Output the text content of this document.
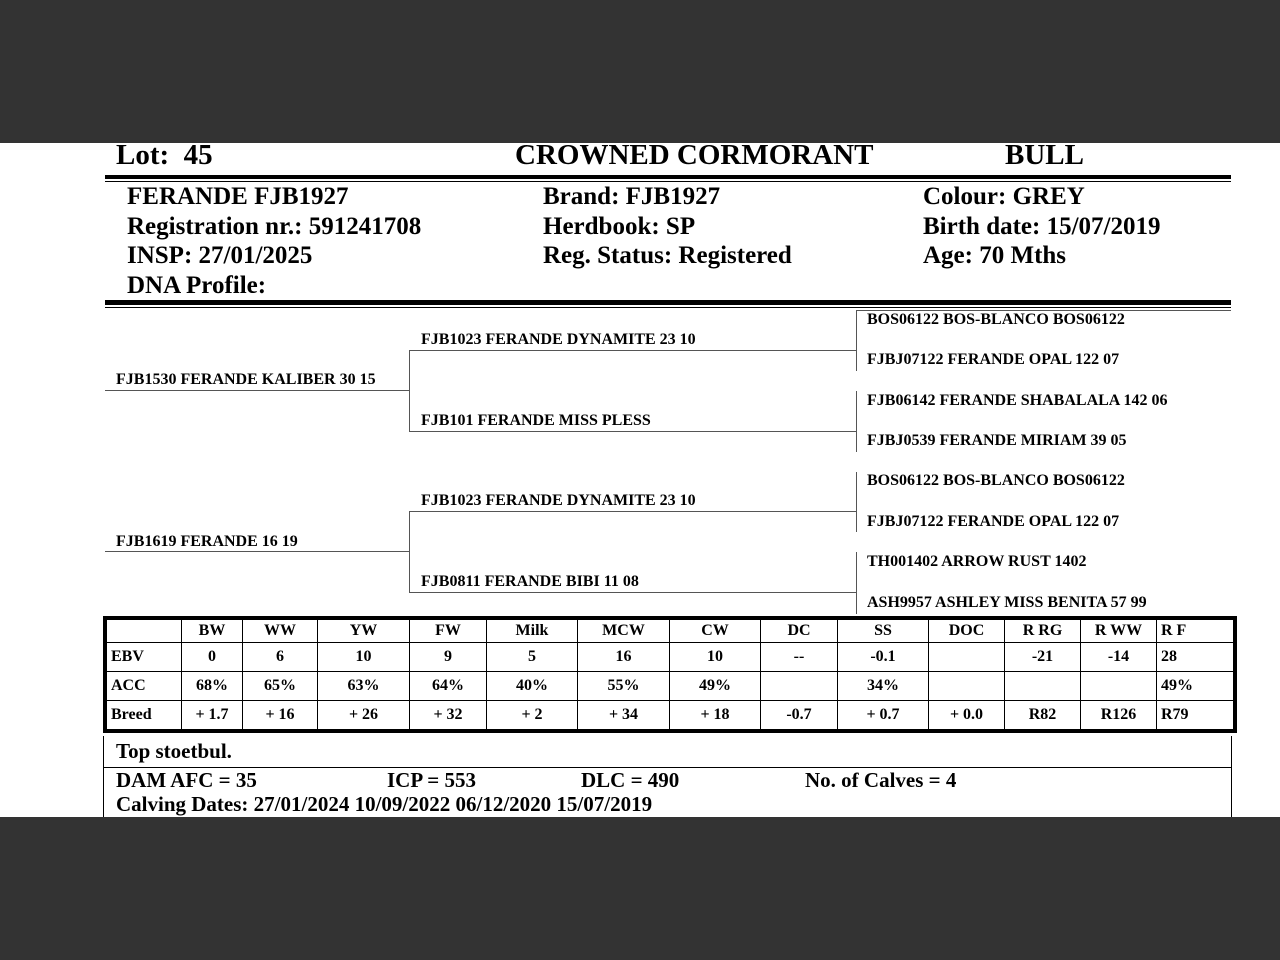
Lot: 45	CROWNED CORMORANT	BULL
FERANDE FJB1927
Registration nr.: 591241708
INSP: 27/01/2025
DNA Profile:
Brand: FJB1927
Herdbook: SP
Reg. Status: Registered
Colour: GREY
Birth date: 15/07/2019
Age: 70 Mths
FJB1530 FERANDE KALIBER 30 15
FJB1619 FERANDE 16 19
FJB1023 FERANDE DYNAMITE 23 10
FJB101 FERANDE MISS PLESS
FJB1023 FERANDE DYNAMITE 23 10
FJB0811 FERANDE BIBI 11 08
BOS06122 BOS-BLANCO BOS06122
FJBJ07122 FERANDE OPAL 122 07
FJB06142 FERANDE SHABALALA 142 06
FJBJ0539 FERANDE MIRIAM 39 05
BOS06122 BOS-BLANCO BOS06122
FJBJ07122 FERANDE OPAL 122 07
TH001402 ARROW RUST 1402
ASH9957 ASHLEY MISS BENITA 57 99
	BW	WW	YW	FW	Milk	MCW	CW	DC	SS	DOC	R RG	R WW	R F
EBV	0	6	10	9	5	16	10	--	-0.1		-21	-14	28
ACC	68%	65%	63%	64%	40%	55%	49%		34%				49%
Breed	+ 1.7	+ 16	+ 26	+ 32	+ 2	+ 34	+ 18	-0.7	+ 0.7	+ 0.0	R82	R126	R79
Top stoetbul.
DAM AFC = 35	ICP = 553	DLC = 490	No. of Calves = 4
Calving Dates: 27/01/2024 10/09/2022 06/12/2020 15/07/2019
